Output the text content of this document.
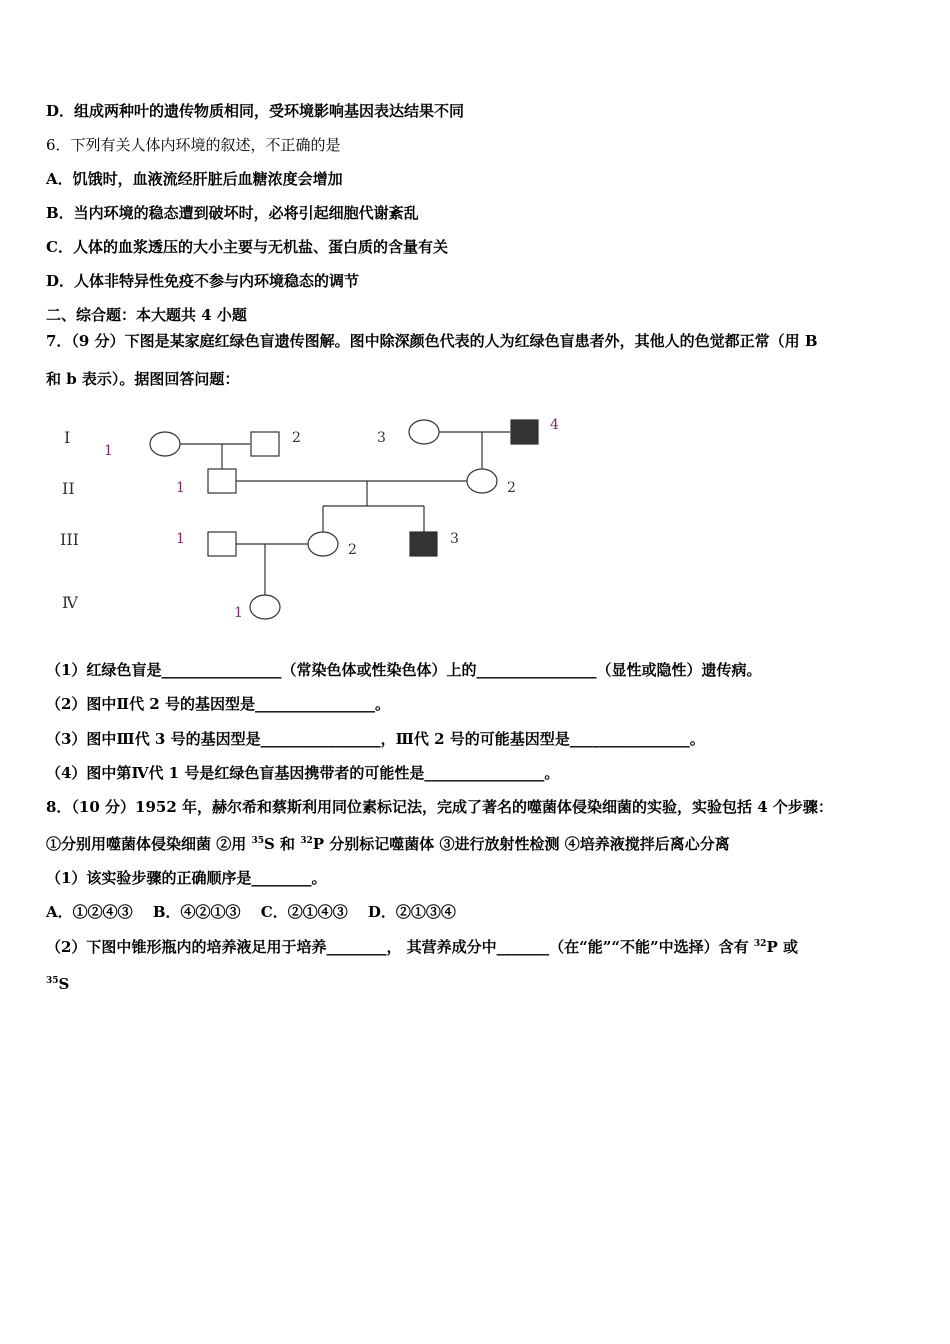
D．组成两种叶的遗传物质相同，受环境影响基因表达结果不同
6．下列有关人体内环境的叙述，不正确的是
A．饥饿时，血液流经肝脏后血糖浓度会增加
B．当内环境的稳态遭到破坏时，必将引起细胞代谢紊乱
C．人体的血浆透压的大小主要与无机盐、蛋白质的含量有关
D．人体非特异性免疫不参与内环境稳态的调节
二、综合题：本大题共 4 小题
7．（9 分）下图是某家庭红绿色盲遗传图解。图中除深颜色代表的人为红绿色盲患者外，其他人的色觉都正常（用 B
和 b 表示）。据图回答问题：
I
II
III
Ⅳ
1
2	3
4
1	2
1
2
3
1
（1）红绿色盲是________________（常染色体或性染色体）上的________________（显性或隐性）遗传病。
（2）图中Ⅱ代 2 号的基因型是________________。
（3）图中Ⅲ代 3 号的基因型是________________，Ⅲ代 2 号的可能基因型是________________。
（4）图中第Ⅳ代 1 号是红绿色盲基因携带者的可能性是________________。
8．（10 分）1952 年，赫尔希和蔡斯利用同位素标记法，完成了著名的噬菌体侵染细菌的实验，实验包括 4 个步骤：
①分别用噬菌体侵染细菌 ②用 $^{35}$S 和 $^{32}$P 分别标记噬菌体 ③进行放射性检测 ④培养液搅拌后离心分离
（1）该实验步骤的正确顺序是________。
A．①②④③　 B．④②①③　 C．②①④③　 D．②①③④
（2）下图中锥形瓶内的培养液足用于培养________， 其营养成分中_______（在“能”“不能”中选择）含有 $^{32}$P 或
$^{35}$S
